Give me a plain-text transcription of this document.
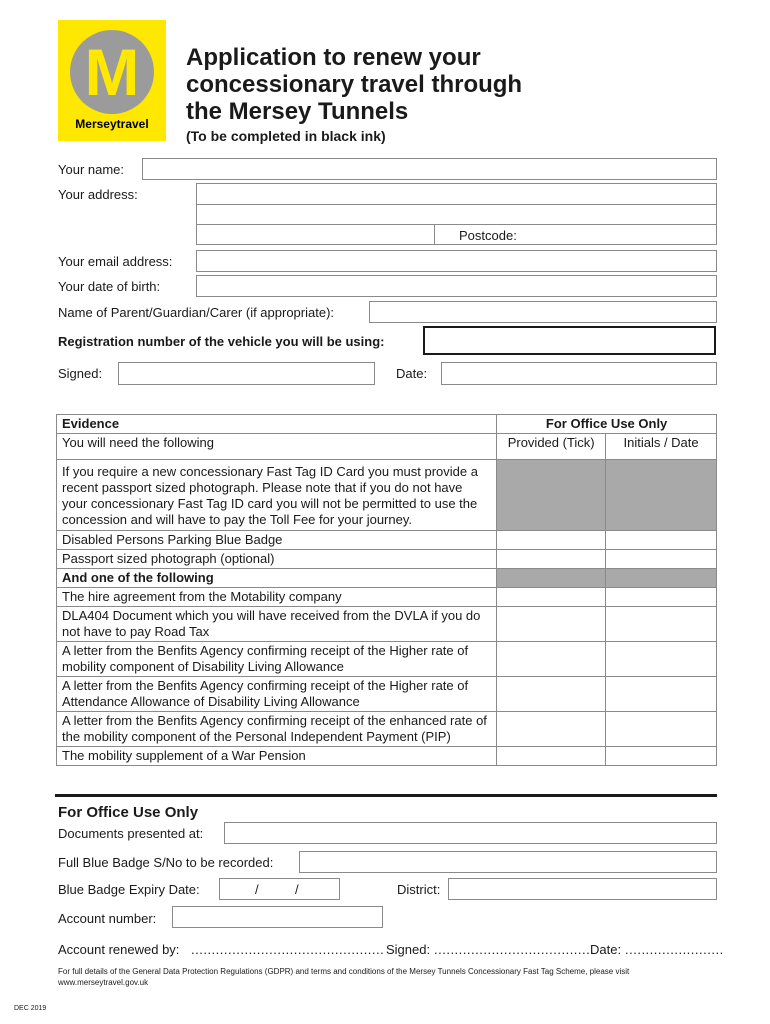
M
Merseytravel
Application to renew your
concessionary travel through
the Mersey Tunnels
(To be completed in black ink)
Your name:
Your address:
Postcode:
Your email address:
Your date of birth:
Name of Parent/Guardian/Carer (if appropriate):
Registration number of the vehicle you will be using:
Signed:	Date:
Evidence	For Office Use Only	
You will need the following	Provided (Tick)	Initials / Date
If you require a new concessionary Fast Tag ID Card you must provide a recent passport sized photograph. Please note that if you do not have your concessionary Fast Tag ID card you will not be permitted to use the concession and will have to pay the Toll Fee for your journey.		
Disabled Persons Parking Blue Badge		
Passport sized photograph (optional)		
And one of the following		
The hire agreement from the Motability company		
DLA404 Document which you will have received from the DVLA if you do not have to pay Road Tax		
A letter from the Benfits Agency confirming receipt of the Higher rate of mobility component of Disability Living Allowance		
A letter from the Benfits Agency confirming receipt of the Higher rate of Attendance Allowance of Disability Living Allowance		
A letter from the Benfits Agency confirming receipt of the enhanced rate of the mobility component of the Personal Independent Payment (PIP)		
The mobility supplement of a War Pension		
For Office Use Only
Documents presented at:
Full Blue Badge S/No to be recorded:
Blue Badge Expiry Date:	/	/	District:
Account number:
Account renewed by: ............................................... Signed: .......................................
Date: ........................
For full details of the General Data Protection Regulations (GDPR) and terms and conditions of the Mersey Tunnels Concessionary Fast Tag Scheme, please visit www.merseytravel.gov.uk
DEC 2019
